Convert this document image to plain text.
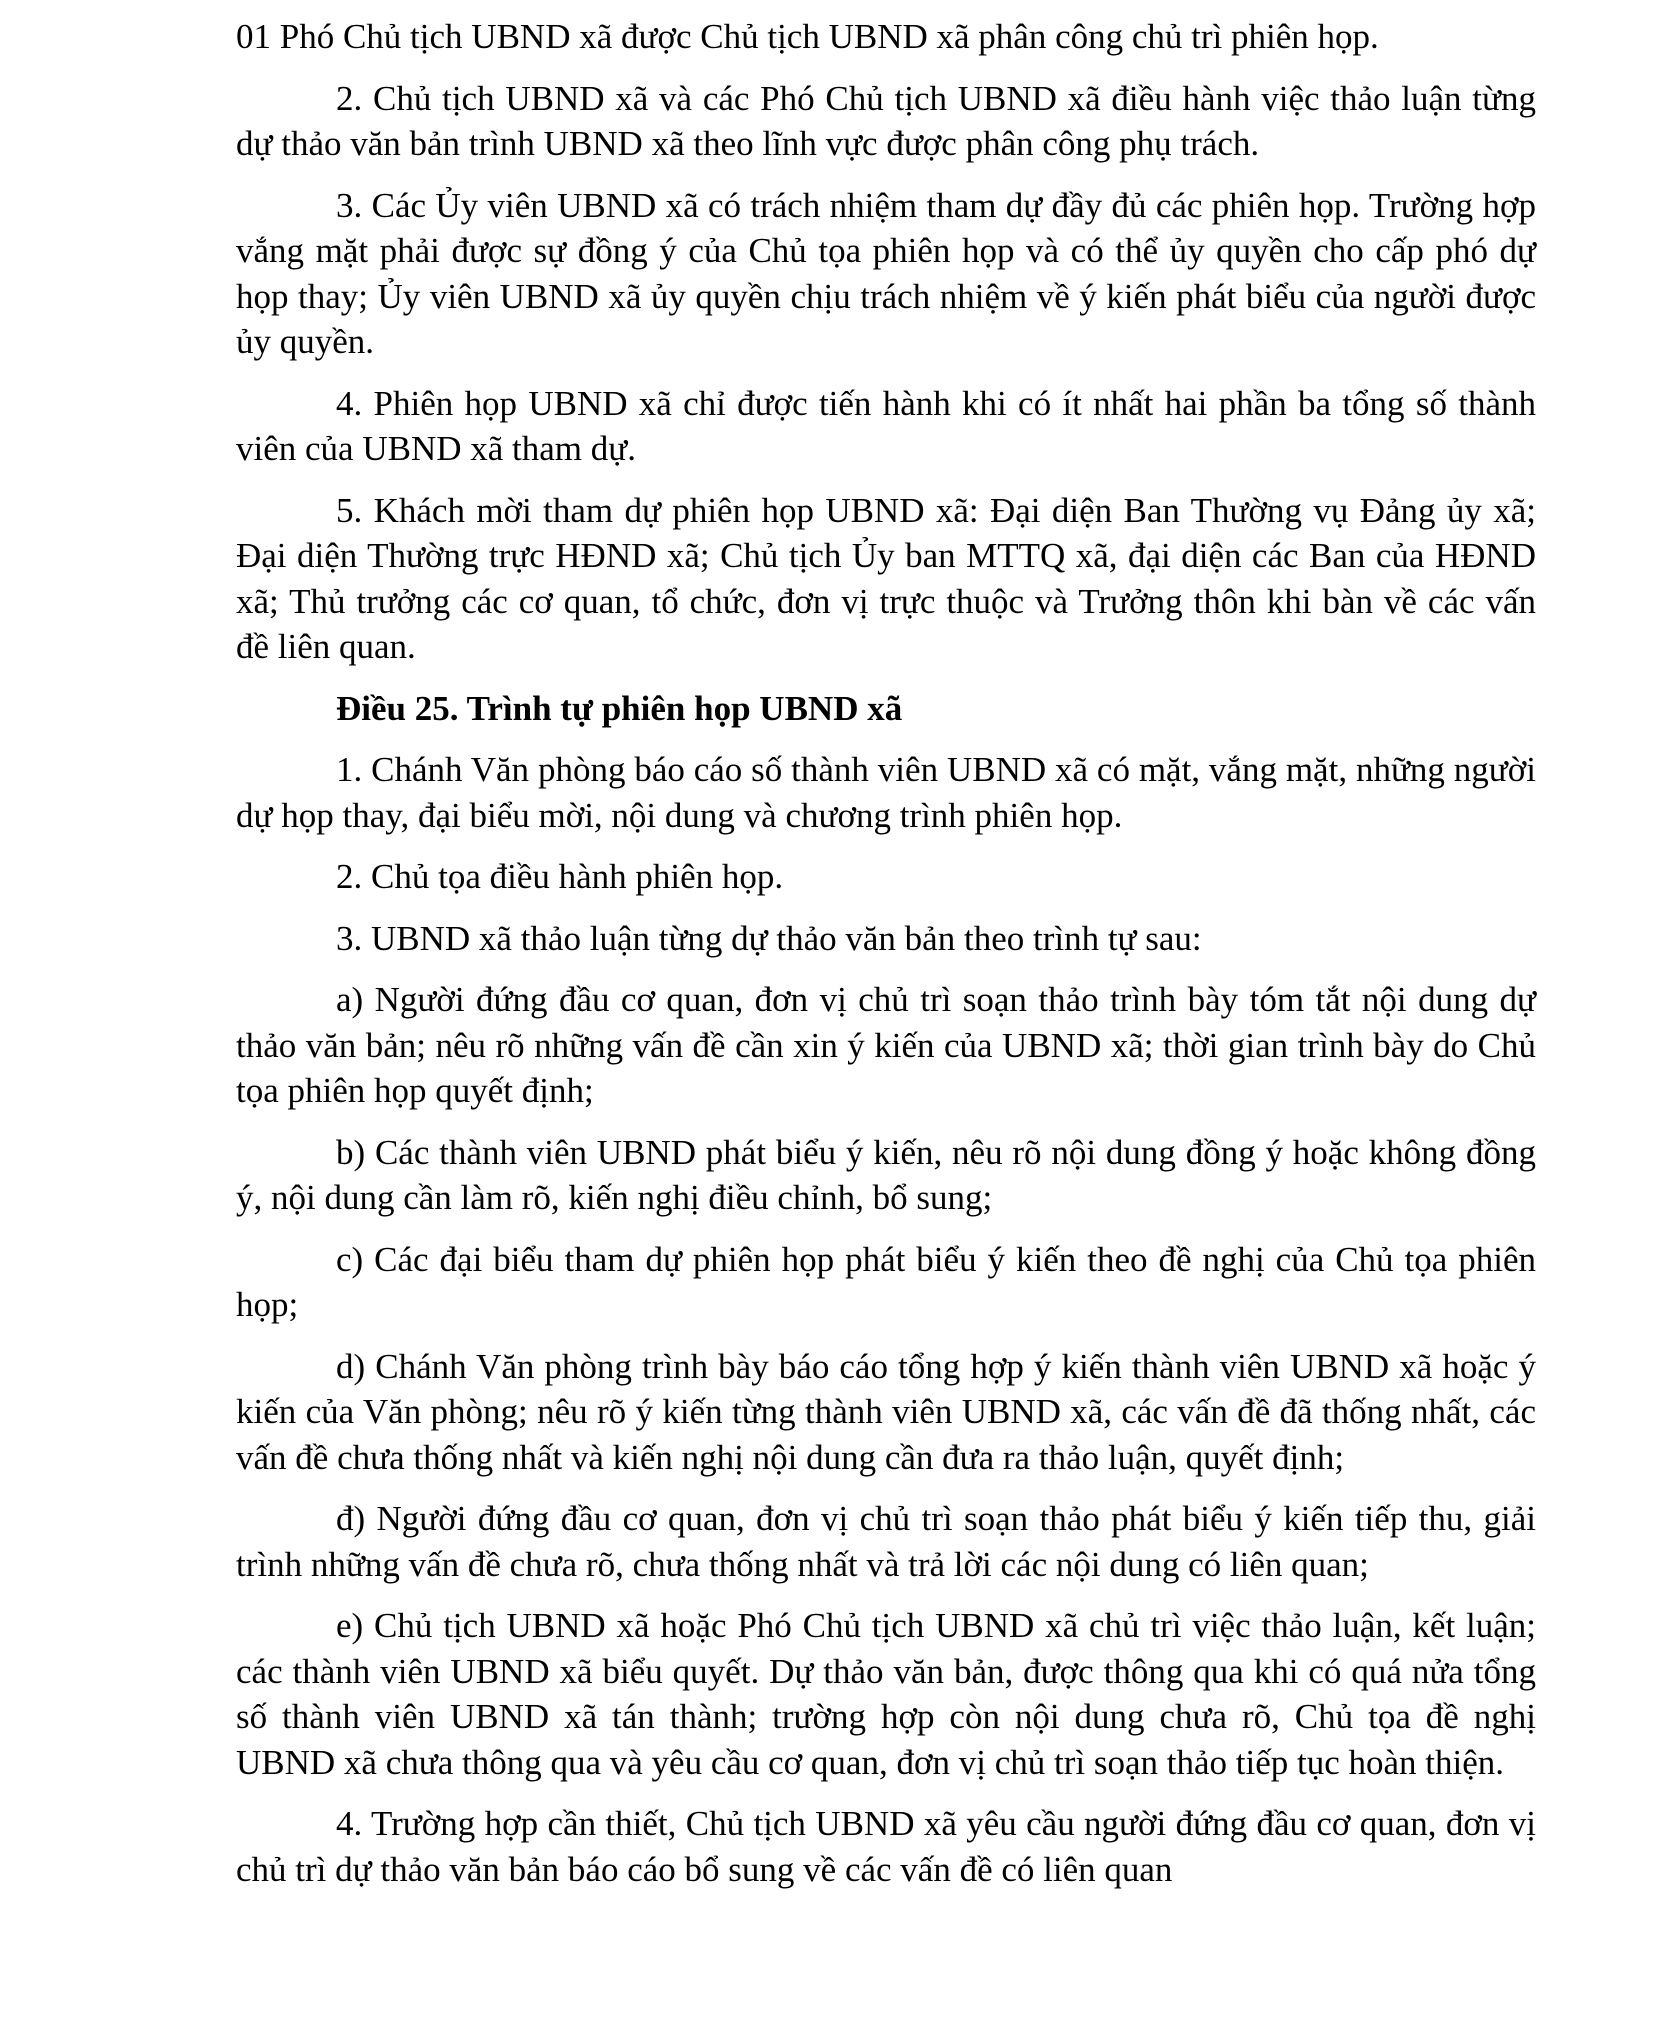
01 Phó Chủ tịch UBND xã được Chủ tịch UBND xã phân công chủ trì phiên họp.

2. Chủ tịch UBND xã và các Phó Chủ tịch UBND xã điều hành việc thảo luận từng dự thảo văn bản trình UBND xã theo lĩnh vực được phân công phụ trách.

3. Các Ủy viên UBND xã có trách nhiệm tham dự đầy đủ các phiên họp. Trường hợp vắng mặt phải được sự đồng ý của Chủ tọa phiên họp và có thể ủy quyền cho cấp phó dự họp thay; Ủy viên UBND xã ủy quyền chịu trách nhiệm về ý kiến phát biểu của người được ủy quyền.

4. Phiên họp UBND xã chỉ được tiến hành khi có ít nhất hai phần ba tổng số thành viên của UBND xã tham dự.

5. Khách mời tham dự phiên họp UBND xã: Đại diện Ban Thường vụ Đảng ủy xã; Đại diện Thường trực HĐND xã; Chủ tịch Ủy ban MTTQ xã, đại diện các Ban của HĐND xã; Thủ trưởng các cơ quan, tổ chức, đơn vị trực thuộc và Trưởng thôn khi bàn về các vấn đề liên quan.

Điều 25. Trình tự phiên họp UBND xã

1. Chánh Văn phòng báo cáo số thành viên UBND xã có mặt, vắng mặt, những người dự họp thay, đại biểu mời, nội dung và chương trình phiên họp.

2. Chủ tọa điều hành phiên họp.

3. UBND xã thảo luận từng dự thảo văn bản theo trình tự sau:

a) Người đứng đầu cơ quan, đơn vị chủ trì soạn thảo trình bày tóm tắt nội dung dự thảo văn bản; nêu rõ những vấn đề cần xin ý kiến của UBND xã; thời gian trình bày do Chủ tọa phiên họp quyết định;

b) Các thành viên UBND phát biểu ý kiến, nêu rõ nội dung đồng ý hoặc không đồng ý, nội dung cần làm rõ, kiến nghị điều chỉnh, bổ sung;

c) Các đại biểu tham dự phiên họp phát biểu ý kiến theo đề nghị của Chủ tọa phiên họp;

d) Chánh Văn phòng trình bày báo cáo tổng hợp ý kiến thành viên UBND xã hoặc ý kiến của Văn phòng; nêu rõ ý kiến từng thành viên UBND xã, các vấn đề đã thống nhất, các vấn đề chưa thống nhất và kiến nghị nội dung cần đưa ra thảo luận, quyết định;

đ) Người đứng đầu cơ quan, đơn vị chủ trì soạn thảo phát biểu ý kiến tiếp thu, giải trình những vấn đề chưa rõ, chưa thống nhất và trả lời các nội dung có liên quan;

e) Chủ tịch UBND xã hoặc Phó Chủ tịch UBND xã chủ trì việc thảo luận, kết luận; các thành viên UBND xã biểu quyết. Dự thảo văn bản, được thông qua khi có quá nửa tổng số thành viên UBND xã tán thành; trường hợp còn nội dung chưa rõ, Chủ tọa đề nghị UBND xã chưa thông qua và yêu cầu cơ quan, đơn vị chủ trì soạn thảo tiếp tục hoàn thiện.

4. Trường hợp cần thiết, Chủ tịch UBND xã yêu cầu người đứng đầu cơ quan, đơn vị chủ trì dự thảo văn bản báo cáo bổ sung về các vấn đề có liên quan
